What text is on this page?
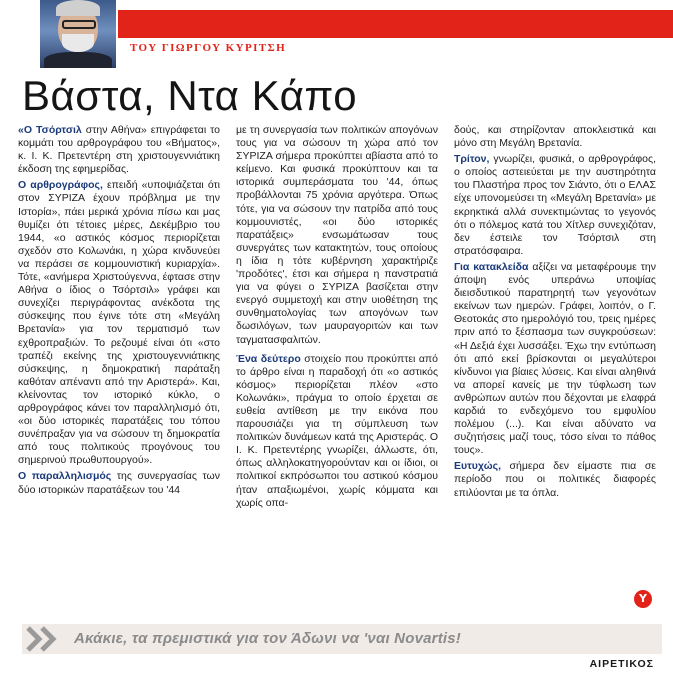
ΤΟΥ ΓΙΩΡΓΟΥ ΚΥΡΙΤΣΗ
Βάστα, Ντα Κάπο

«Ο Τσόρτσιλ στην Αθήνα» επιγράφεται το κομμάτι του αρθρογράφου του «Βήματος», κ. Ι. Κ. Πρετεντέρη στη χριστουγεννιάτικη έκδοση της εφημερίδας.

Ο αρθρογράφος, επειδή «υποψιάζεται ότι στον ΣΥΡΙΖΑ έχουν πρόβλημα με την Ιστορία», πάει μερικά χρόνια πίσω και μας θυμίζει ότι τέτοιες μέρες, Δεκέμβριο του 1944, «ο αστικός κόσμος περιορίζεται σχεδόν στο Κολωνάκι, η χώρα κινδυνεύει να περάσει σε κομμουνιστική κυριαρχία». Τότε, «ανήμερα Χριστούγεννα, έφτασε στην Αθήνα ο ίδιος ο Τσόρτσιλ» γράφει και συνεχίζει περιγράφοντας ανέκδοτα της σύσκεψης που έγινε τότε στη «Μεγάλη Βρετανία» για τον τερματισμό των εχθροπραξιών. Το ρεζουμέ είναι ότι «στο τραπέζι εκείνης της χριστουγεννιάτικης σύσκεψης, η δημοκρατική παράταξη καθόταν απέναντι από την Αριστερά». Και, κλείνοντας τον ιστορικό κύκλο, ο αρθρογράφος κάνει τον παραλληλισμό ότι, «οι δύο ιστορικές παρατάξεις του τόπου συνέπραξαν για να σώσουν τη δημοκρατία από τους πολιτικούς προγόνους του σημερινού πρωθυπουργού».

Ο παραλληλισμός της συνεργασίας των δύο ιστορικών παρατάξεων του '44

με τη συνεργασία των πολιτικών απογόνων τους για να σώσουν τη χώρα από τον ΣΥΡΙΖΑ σήμερα προκύπτει αβίαστα από το κείμενο. Και φυσικά προκύπτουν και τα ιστορικά συμπεράσματα του '44, όπως προβάλλονται 75 χρόνια αργότερα. Όπως τότε, για να σώσουν την πατρίδα από τους κομμουνιστές, «οι δύο ιστορικές παρατάξεις» ενσωμάτωσαν τους συνεργάτες των κατακτητών, τους οποίους η ίδια η τότε κυβέρνηση χαρακτήριζε 'προδότες', έτσι και σήμερα η πανστρατιά για να φύγει ο ΣΥΡΙΖΑ βασίζεται στην ενεργό συμμετοχή και στην υιοθέτηση της συνθηματολογίας των απογόνων των δωσιλόγων, των μαυραγοριτών και των ταγματασφαλιτών.

Ένα δεύτερο στοιχείο που προκύπτει από το άρθρο είναι η παραδοχή ότι «ο αστικός κόσμος» περιορίζεται πλέον «στο Κολωνάκι», πράγμα το οποίο έρχεται σε ευθεία αντίθεση με την εικόνα που παρουσιάζει για τη σύμπλευση των πολιτικών δυνάμεων κατά της Αριστεράς. Ο Ι. Κ. Πρετεντέρης γνωρίζει, άλλωστε, ότι, όπως αλληλοκατηγορούνταν και οι ίδιοι, οι πολιτικοί εκπρόσωποι του αστικού κόσμου ήταν απαξιωμένοι, χωρίς κόμματα και χωρίς οπα-

δούς, και στηρίζονταν αποκλειστικά και μόνο στη Μεγάλη Βρετανία.

Τρίτον, γνωρίζει, φυσικά, ο αρθρογράφος, ο οποίος αστειεύεται με την αυστηρότητα του Πλαστήρα προς τον Σιάντο, ότι ο ΕΛΑΣ είχε υπονομεύσει τη «Μεγάλη Βρετανία» με εκρηκτικά αλλά συνεκτιμώντας το γεγονός ότι ο πόλεμος κατά του Χίτλερ συνεχιζόταν, δεν έστειλε τον Τσόρτσιλ στη στρατόσφαιρα.

Για κατακλείδα αξίζει να μεταφέρουμε την άποψη ενός υπεράνω υποψίας διεισδυτικού παρατηρητή των γεγονότων εκείνων των ημερών. Γράφει, λοιπόν, ο Γ. Θεοτοκάς στο ημερολόγιό του, τρεις ημέρες πριν από το ξέσπασμα των συγκρούσεων: «Η Δεξιά έχει λυσσάξει. Έχω την εντύπωση ότι από εκεί βρίσκονται οι μεγαλύτεροι κίνδυνοι για βίαιες λύσεις. Και είναι αληθινά να απορεί κανείς με την τύφλωση των ανθρώπων αυτών που δέχονται με ελαφρά καρδιά το ενδεχόμενο του εμφυλίου πολέμου (...). Και είναι αδύνατο να συζητήσεις μαζί τους, τόσο είναι το πάθος τους».

Ευτυχώς, σήμερα δεν είμαστε πια σε περίοδο που οι πολιτικές διαφορές επιλύονται με τα όπλα.

Y
Ακάκιε, τα πρεμιστικά για τον Άδωνι να 'ναι Novartis!
ΑΙΡΕΤΙΚΟΣ
